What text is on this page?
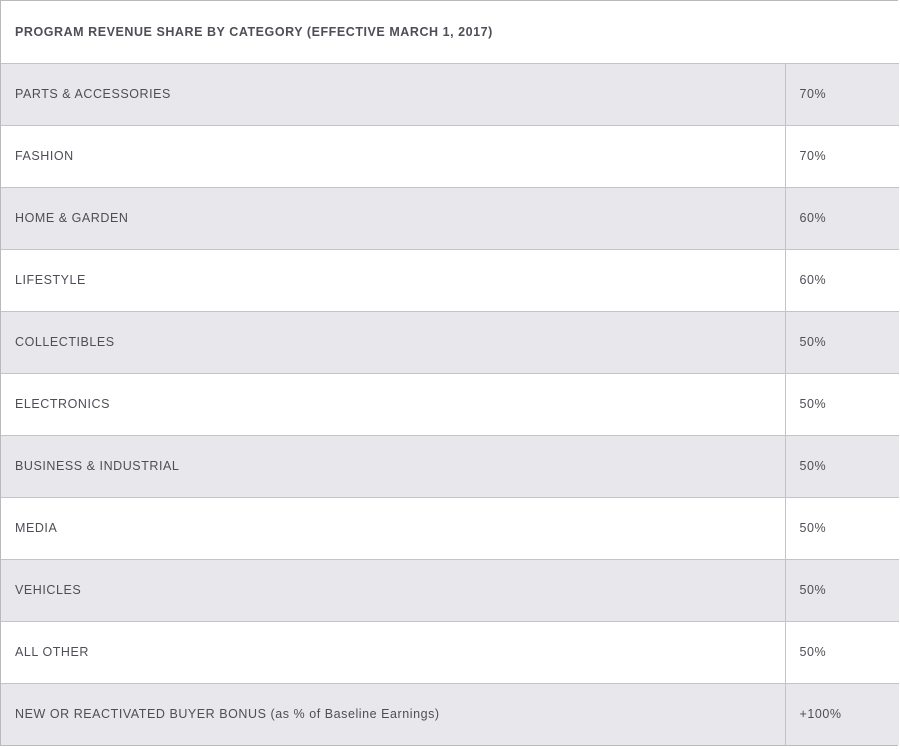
PROGRAM REVENUE SHARE BY CATEGORY (EFFECTIVE MARCH 1, 2017)	
PARTS & ACCESSORIES	70%
FASHION	70%
HOME & GARDEN	60%
LIFESTYLE	60%
COLLECTIBLES	50%
ELECTRONICS	50%
BUSINESS & INDUSTRIAL	50%
MEDIA	50%
VEHICLES	50%
ALL OTHER	50%
NEW OR REACTIVATED BUYER BONUS (as % of Baseline Earnings)	+100%
